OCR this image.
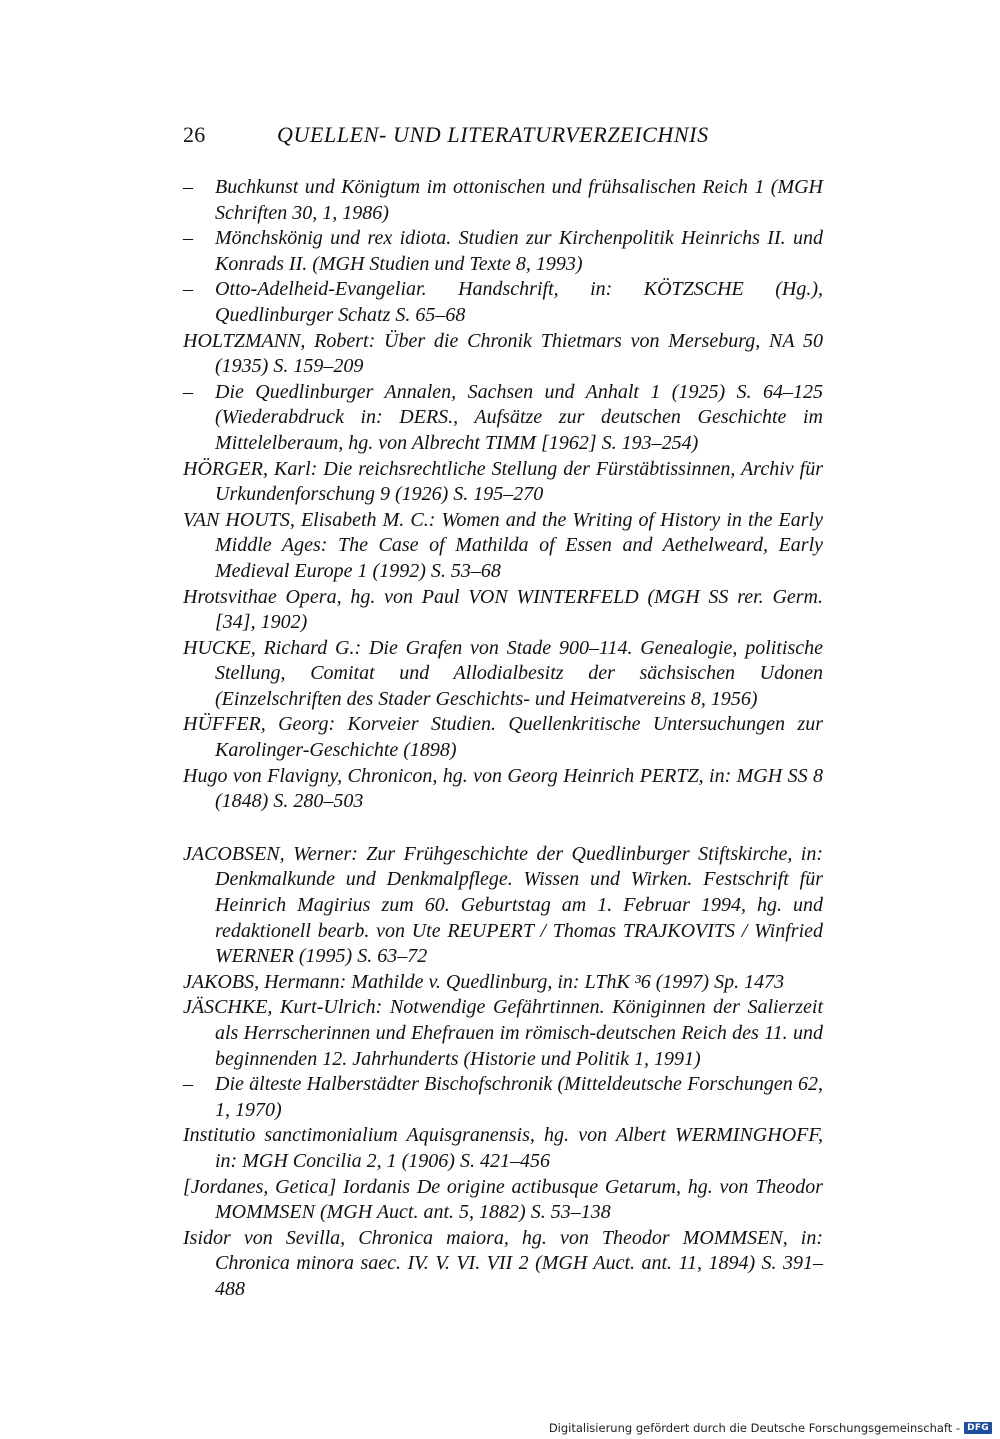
26	QUELLEN- UND LITERATURVERZEICHNIS
– Buchkunst und Königtum im ottonischen und frühsalischen Reich 1 (MGH Schriften 30, 1, 1986)
– Mönchskönig und rex idiota. Studien zur Kirchenpolitik Heinrichs II. und Konrads II. (MGH Studien und Texte 8, 1993)
– Otto-Adelheid-Evangeliar. Handschrift, in: KÖTZSCHE (Hg.), Quedlinburger Schatz S. 65–68
HOLTZMANN, Robert: Über die Chronik Thietmars von Merseburg, NA 50 (1935) S. 159–209
– Die Quedlinburger Annalen, Sachsen und Anhalt 1 (1925) S. 64–125 (Wiederabdruck in: DERS., Aufsätze zur deutschen Geschichte im Mittelelberaum, hg. von Albrecht TIMM [1962] S. 193–254)
HÖRGER, Karl: Die reichsrechtliche Stellung der Fürstäbtissinnen, Archiv für Urkundenforschung 9 (1926) S. 195–270
VAN HOUTS, Elisabeth M. C.: Women and the Writing of History in the Early Middle Ages: The Case of Mathilda of Essen and Aethelweard, Early Medieval Europe 1 (1992) S. 53–68
Hrotsvithae Opera, hg. von Paul VON WINTERFELD (MGH SS rer. Germ. [34], 1902)
HUCKE, Richard G.: Die Grafen von Stade 900–114. Genealogie, politische Stellung, Comitat und Allodialbesitz der sächsischen Udonen (Einzelschriften des Stader Geschichts- und Heimatvereins 8, 1956)
HÜFFER, Georg: Korveier Studien. Quellenkritische Untersuchungen zur Karolinger-Geschichte (1898)
Hugo von Flavigny, Chronicon, hg. von Georg Heinrich PERTZ, in: MGH SS 8 (1848) S. 280–503
JACOBSEN, Werner: Zur Frühgeschichte der Quedlinburger Stiftskirche, in: Denkmalkunde und Denkmalpflege. Wissen und Wirken. Festschrift für Heinrich Magirius zum 60. Geburtstag am 1. Februar 1994, hg. und redaktionell bearb. von Ute REUPERT / Thomas TRAJKOVITS / Winfried WERNER (1995) S. 63–72
JAKOBS, Hermann: Mathilde v. Quedlinburg, in: LThK ³6 (1997) Sp. 1473
JÄSCHKE, Kurt-Ulrich: Notwendige Gefährtinnen. Königinnen der Salierzeit als Herrscherinnen und Ehefrauen im römisch-deutschen Reich des 11. und beginnenden 12. Jahrhunderts (Historie und Politik 1, 1991)
– Die älteste Halberstädter Bischofschronik (Mitteldeutsche Forschungen 62, 1, 1970)
Institutio sanctimonialium Aquisgranensis, hg. von Albert WERMINGHOFF, in: MGH Concilia 2, 1 (1906) S. 421–456
[Jordanes, Getica] Iordanis De origine actibusque Getarum, hg. von Theodor MOMMSEN (MGH Auct. ant. 5, 1882) S. 53–138
Isidor von Sevilla, Chronica maiora, hg. von Theodor MOMMSEN, in: Chronica minora saec. IV. V. VI. VII 2 (MGH Auct. ant. 11, 1894) S. 391–488
Digitalisierung gefördert durch die Deutsche Forschungsgemeinschaft - DFG
